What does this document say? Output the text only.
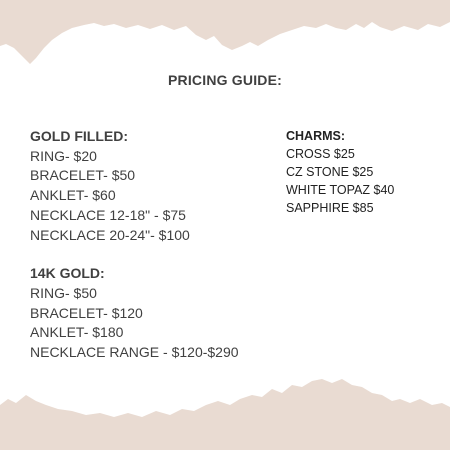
PRICING GUIDE:
GOLD FILLED:
RING- $20
BRACELET- $50
ANKLET- $60
NECKLACE 12-18" - $75
NECKLACE 20-24"- $100
14K GOLD:
RING- $50
BRACELET- $120
ANKLET- $180
NECKLACE RANGE - $120-$290
CHARMS:
CROSS $25
CZ STONE $25
WHITE TOPAZ $40
SAPPHIRE $85
